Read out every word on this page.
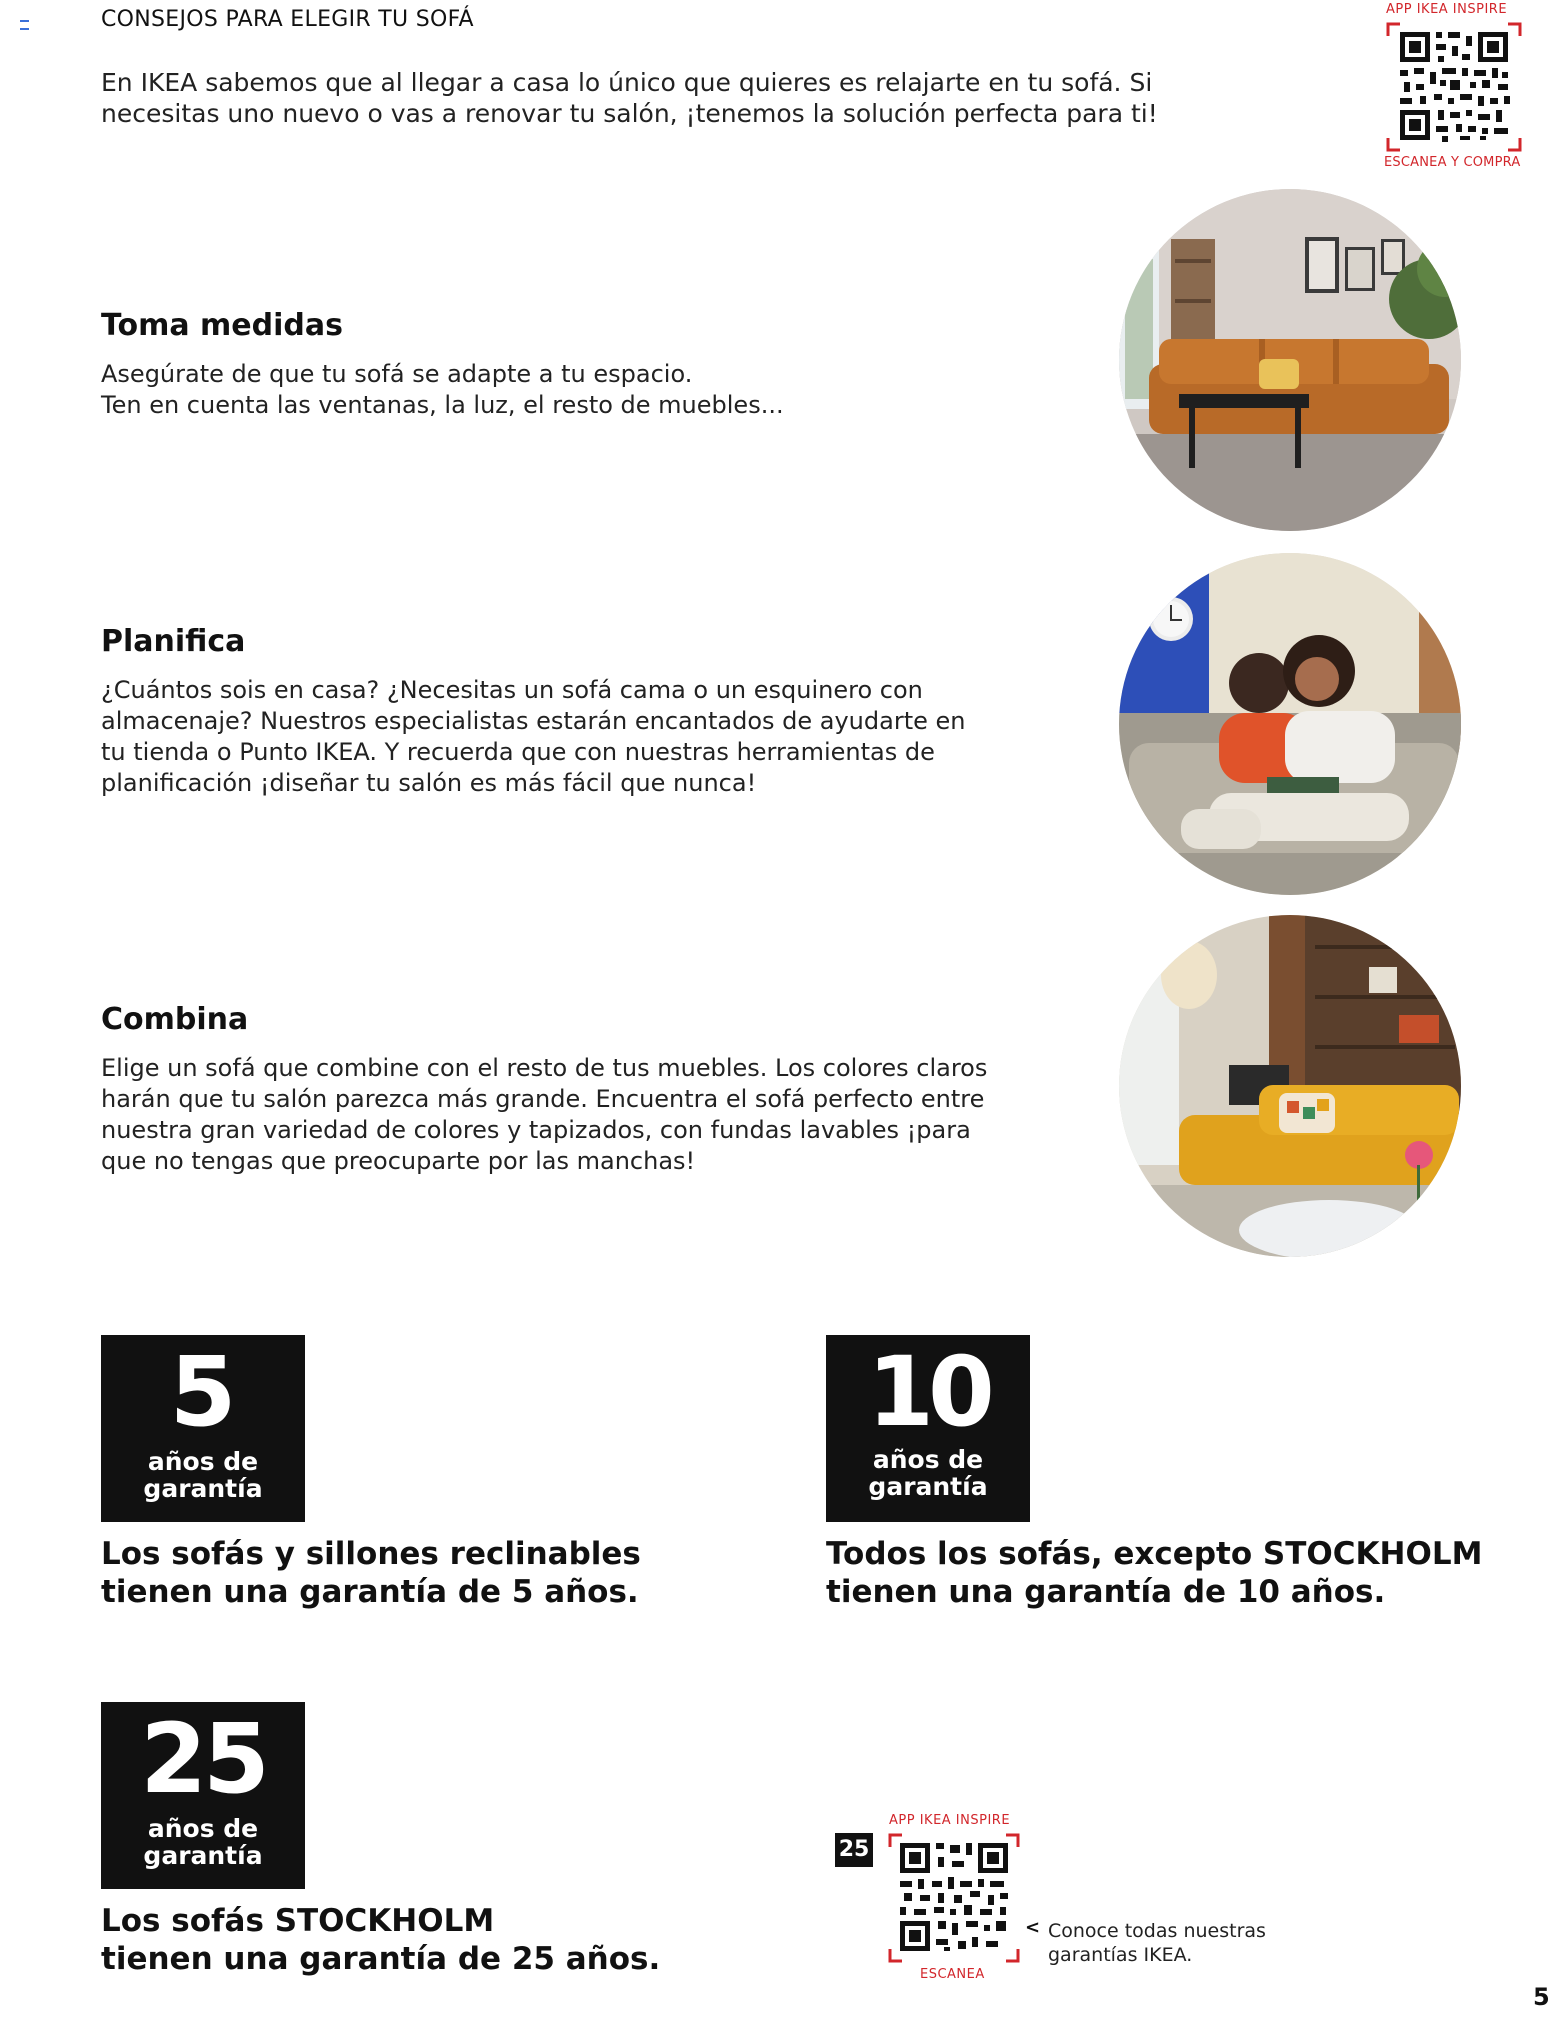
CONSEJOS PARA ELEGIR TU SOFÁ
En IKEA sabemos que al llegar a casa lo único que quieres es relajarte en tu sofá. Si
necesitas uno nuevo o vas a renovar tu salón, ¡tenemos la solución perfecta para ti!
APP IKEA INSPIRE
ESCANEA Y COMPRA
Toma medidas
Asegúrate de que tu sofá se adapte a tu espacio.
Ten en cuenta las ventanas, la luz, el resto de muebles...
Planifica
¿Cuántos sois en casa? ¿Necesitas un sofá cama o un esquinero con
almacenaje? Nuestros especialistas estarán encantados de ayudarte en
tu tienda o Punto IKEA. Y recuerda que con nuestras herramientas de
planificación ¡diseñar tu salón es más fácil que nunca!
Combina
Elige un sofá que combine con el resto de tus muebles. Los colores claros
harán que tu salón parezca más grande. Encuentra el sofá perfecto entre
nuestra gran variedad de colores y tapizados, con fundas lavables ¡para
que no tengas que preocuparte por las manchas!
5
años de
garantía
Los sofás y sillones reclinables
tienen una garantía de 5 años.
10
años de
garantía
Todos los sofás, excepto STOCKHOLM
tienen una garantía de 10 años.
25
años de
garantía
Los sofás STOCKHOLM
tienen una garantía de 25 años.
25
APP IKEA INSPIRE
ESCANEA
< Conoce todas nuestras
garantías IKEA.
5
